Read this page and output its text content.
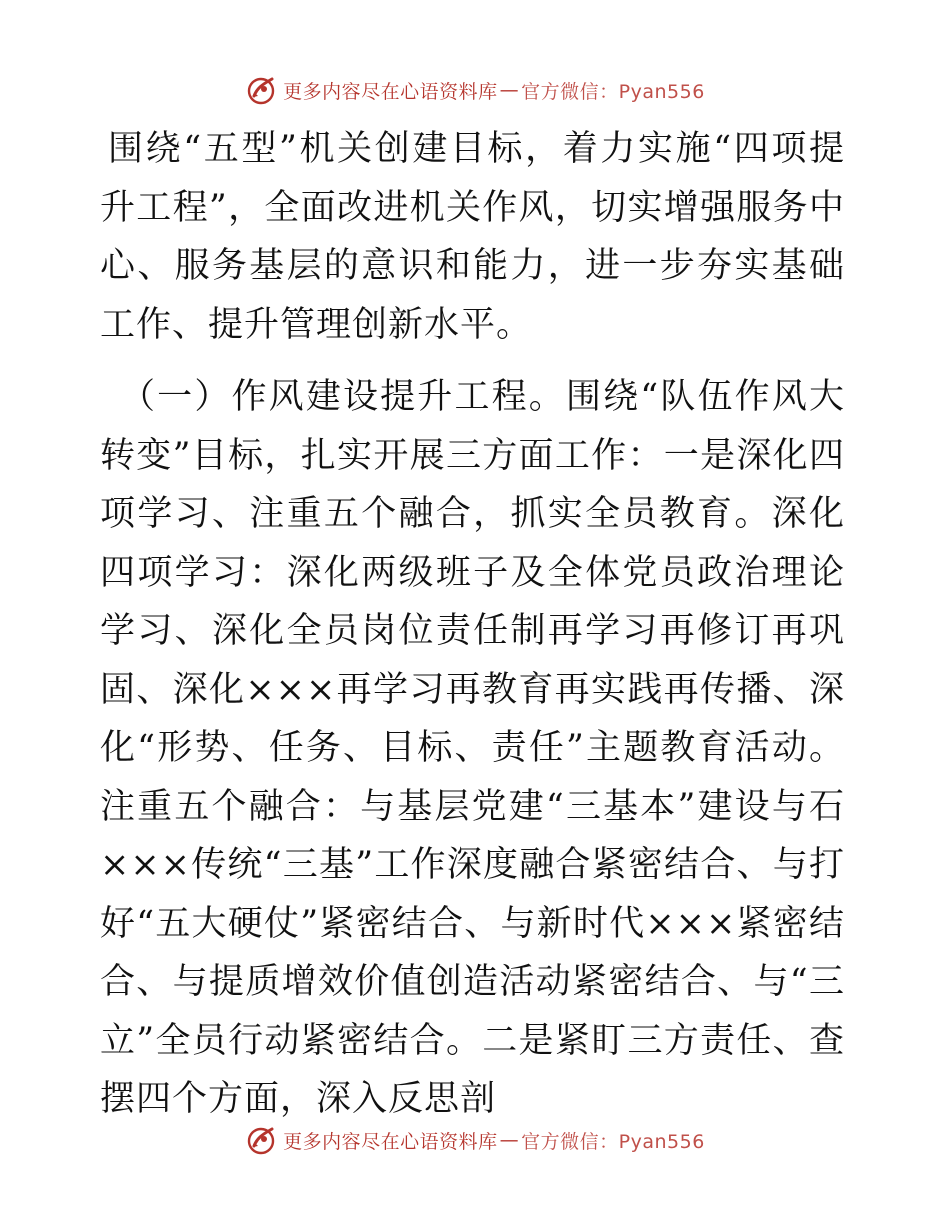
更多内容尽在心语资料库 — 官方微信：Pyan556

围绕“五型”机关创建目标，着力实施“四项提升工程”，全面改进机关作风，切实增强服务中心、服务基层的意识和能力，进一步夯实基础工作、提升管理创新水平。

（一）作风建设提升工程。围绕“队伍作风大转变”目标，扎实开展三方面工作：一是深化四项学习、注重五个融合，抓实全员教育。深化四项学习：深化两级班子及全体党员政治理论学习、深化全员岗位责任制再学习再修订再巩固、深化×××再学习再教育再实践再传播、深化“形势、任务、目标、责任”主题教育活动。注重五个融合：与基层党建“三基本”建设与石×××传统“三基”工作深度融合紧密结合、与打好“五大硬仗”紧密结合、与新时代×××紧密结合、与提质增效价值创造活动紧密结合、与“三立”全员行动紧密结合。二是紧盯三方责任、查摆四个方面，深入反思剖

更多内容尽在心语资料库 — 官方微信：Pyan556
